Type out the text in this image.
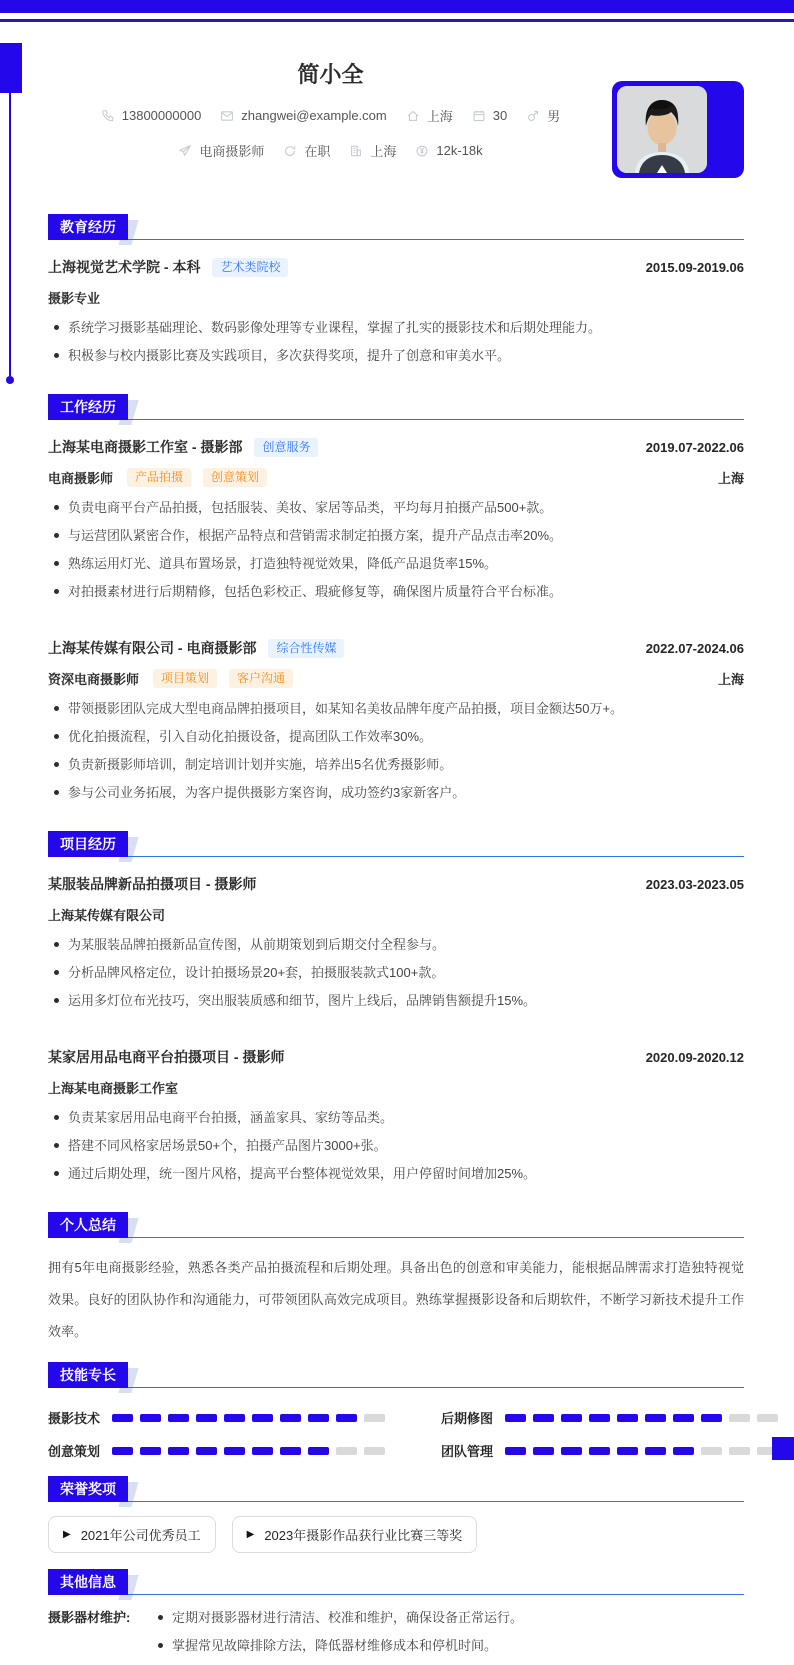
简小全
13800000000	zhangwei@example.com	上海	30	男
电商摄影师	在职	上海	12k-18k
教育经历
上海视觉艺术学院 - 本科	艺术类院校	2015.09-2019.06
摄影专业
系统学习摄影基础理论、数码影像处理等专业课程，掌握了扎实的摄影技术和后期处理能力。
积极参与校内摄影比赛及实践项目，多次获得奖项，提升了创意和审美水平。
工作经历
上海某电商摄影工作室 - 摄影部	创意服务	2019.07-2022.06
电商摄影师	产品拍摄	创意策划	上海
负责电商平台产品拍摄，包括服装、美妆、家居等品类，平均每月拍摄产品500+款。
与运营团队紧密合作，根据产品特点和营销需求制定拍摄方案，提升产品点击率20%。
熟练运用灯光、道具布置场景，打造独特视觉效果，降低产品退货率15%。
对拍摄素材进行后期精修，包括色彩校正、瑕疵修复等，确保图片质量符合平台标准。
上海某传媒有限公司 - 电商摄影部	综合性传媒	2022.07-2024.06
资深电商摄影师	项目策划	客户沟通	上海
带领摄影团队完成大型电商品牌拍摄项目，如某知名美妆品牌年度产品拍摄，项目金额达50万+。
优化拍摄流程，引入自动化拍摄设备，提高团队工作效率30%。
负责新摄影师培训，制定培训计划并实施，培养出5名优秀摄影师。
参与公司业务拓展，为客户提供摄影方案咨询，成功签约3家新客户。
项目经历
某服装品牌新品拍摄项目 - 摄影师	2023.03-2023.05
上海某传媒有限公司
为某服装品牌拍摄新品宣传图，从前期策划到后期交付全程参与。
分析品牌风格定位，设计拍摄场景20+套，拍摄服装款式100+款。
运用多灯位布光技巧，突出服装质感和细节，图片上线后，品牌销售额提升15%。
某家居用品电商平台拍摄项目 - 摄影师	2020.09-2020.12
上海某电商摄影工作室
负责某家居用品电商平台拍摄，涵盖家具、家纺等品类。
搭建不同风格家居场景50+个，拍摄产品图片3000+张。
通过后期处理，统一图片风格，提高平台整体视觉效果，用户停留时间增加25%。
个人总结

拥有5年电商摄影经验，熟悉各类产品拍摄流程和后期处理。具备出色的创意和审美能力，能根据品牌需求打造独特视觉效果。良好的团队协作和沟通能力，可带领团队高效完成项目。熟练掌握摄影设备和后期软件，不断学习新技术提升工作效率。

技能专长
摄影技术	后期修图
创意策划	团队管理
荣誉奖项
▶ 2021年公司优秀员工	▶ 2023年摄影作品获行业比赛三等奖
其他信息
摄影器材维护:	定期对摄影器材进行清洁、校准和维护，确保设备正常运行。
掌握常见故障排除方法，降低器材维修成本和停机时间。
